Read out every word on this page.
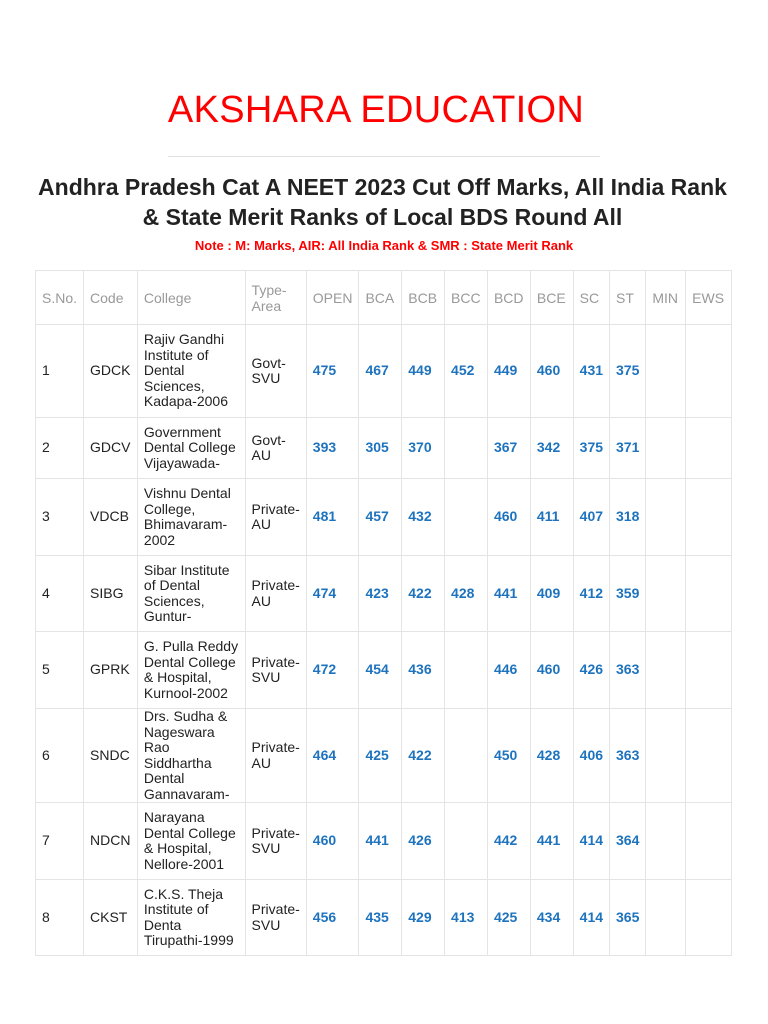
AKSHARA EDUCATION
Andhra Pradesh Cat A NEET 2023 Cut Off Marks, All India Rank & State Merit Ranks of Local BDS Round All
Note : M: Marks, AIR: All India Rank & SMR : State Merit Rank
S.No.	Code	College	Type-Area	OPEN	BCA	BCB	BCC	BCD	BCE	SC	ST	MIN	EWS
1	GDCK	Rajiv Gandhi Institute of Dental Sciences, Kadapa-2006	Govt-SVU	475	467	449	452	449	460	431	375		
2	GDCV	Government Dental College Vijayawada-	Govt-AU	393	305	370		367	342	375	371		
3	VDCB	Vishnu Dental College, Bhimavaram-2002	Private-AU	481	457	432		460	411	407	318		
4	SIBG	Sibar Institute of Dental Sciences, Guntur-	Private-AU	474	423	422	428	441	409	412	359		
5	GPRK	G. Pulla Reddy Dental College & Hospital, Kurnool-2002	Private-SVU	472	454	436		446	460	426	363		
6	SNDC	Drs. Sudha & Nageswara Rao Siddhartha Dental Gannavaram-	Private-AU	464	425	422		450	428	406	363		
7	NDCN	Narayana Dental College & Hospital, Nellore-2001	Private-SVU	460	441	426		442	441	414	364		
8	CKST	C.K.S. Theja Institute of Denta Tirupathi-1999	Private-SVU	456	435	429	413	425	434	414	365		
